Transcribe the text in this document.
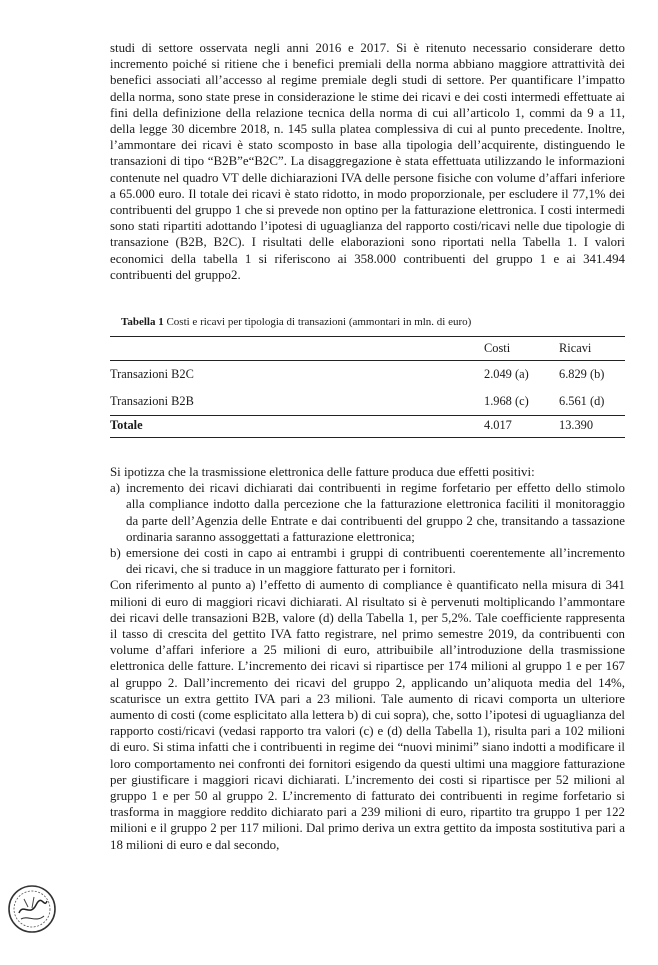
studi di settore osservata negli anni 2016 e 2017. Si è ritenuto necessario considerare detto incremento poiché si ritiene che i benefici premiali della norma abbiano maggiore attrattività dei benefici associati all’accesso al regime premiale degli studi di settore. Per quantificare l’impatto della norma, sono state prese in considerazione le stime dei ricavi e dei costi intermedi effettuate ai fini della definizione della relazione tecnica della norma di cui all’articolo 1, commi da 9 a 11, della legge 30 dicembre 2018, n. 145 sulla platea complessiva di cui al punto precedente. Inoltre, l’ammontare dei ricavi è stato scomposto in base alla tipologia dell’acquirente, distinguendo le transazioni di tipo “B2B”e“B2C”. La disaggregazione è stata effettuata utilizzando le informazioni contenute nel quadro VT delle dichiarazioni IVA delle persone fisiche con volume d’affari inferiore a 65.000 euro. Il totale dei ricavi è stato ridotto, in modo proporzionale, per escludere il 77,1% dei contribuenti del gruppo 1 che si prevede non optino per la fatturazione elettronica. I costi intermedi sono stati ripartiti adottando l’ipotesi di uguaglianza del rapporto costi/ricavi nelle due tipologie di transazione (B2B, B2C). I risultati delle elaborazioni sono riportati nella Tabella 1. I valori economici della tabella 1 si riferiscono ai 358.000 contribuenti del gruppo 1 e ai 341.494 contribuenti del gruppo2.
Tabella 1 Costi e ricavi per tipologia di transazioni (ammontari in mln. di euro)
Costi	Ricavi
Transazioni B2C	2.049 (a) 6.829 (b)
Transazioni B2B	1.968 (c) 6.561 (d)
Totale	4.017	13.390

Si ipotizza che la trasmissione elettronica delle fatture produca due effetti positivi:

a) incremento dei ricavi dichiarati dai contribuenti in regime forfetario per effetto dello stimolo alla compliance indotto dalla percezione che la fatturazione elettronica faciliti il monitoraggio da parte dell’Agenzia delle Entrate e dai contribuenti del gruppo 2 che, transitando a tassazione ordinaria saranno assoggettati a fatturazione elettronica;
b) emersione dei costi in capo ai entrambi i gruppi di contribuenti coerentemente all’incremento dei ricavi, che si traduce in un maggiore fatturato per i fornitori.

Con riferimento al punto a) l’effetto di aumento di compliance è quantificato nella misura di 341 milioni di euro di maggiori ricavi dichiarati. Al risultato si è pervenuti moltiplicando l’ammontare dei ricavi delle transazioni B2B, valore (d) della Tabella 1, per 5,2%. Tale coefficiente rappresenta il tasso di crescita del gettito IVA fatto registrare, nel primo semestre 2019, da contribuenti con volume d’affari inferiore a 25 milioni di euro, attribuibile all’introduzione della trasmissione elettronica delle fatture. L’incremento dei ricavi si ripartisce per 174 milioni al gruppo 1 e per 167 al gruppo 2. Dall’incremento dei ricavi del gruppo 2, applicando un’aliquota media del 14%, scaturisce un extra gettito IVA pari a 23 milioni. Tale aumento di ricavi comporta un ulteriore aumento di costi (come esplicitato alla lettera b) di cui sopra), che, sotto l’ipotesi di uguaglianza del rapporto costi/ricavi (vedasi rapporto tra valori (c) e (d) della Tabella 1), risulta pari a 102 milioni di euro. Si stima infatti che i contribuenti in regime dei “nuovi minimi” siano indotti a modificare il loro comportamento nei confronti dei fornitori esigendo da questi ultimi una maggiore fatturazione per giustificare i maggiori ricavi dichiarati. L’incremento dei costi si ripartisce per 52 milioni al gruppo 1 e per 50 al gruppo 2. L’incremento di fatturato dei contribuenti in regime forfetario si trasforma in maggiore reddito dichiarato pari a 239 milioni di euro, ripartito tra gruppo 1 per 122 milioni e il gruppo 2 per 117 milioni. Dal primo deriva un extra gettito da imposta sostitutiva pari a 18 milioni di euro e dal secondo,
